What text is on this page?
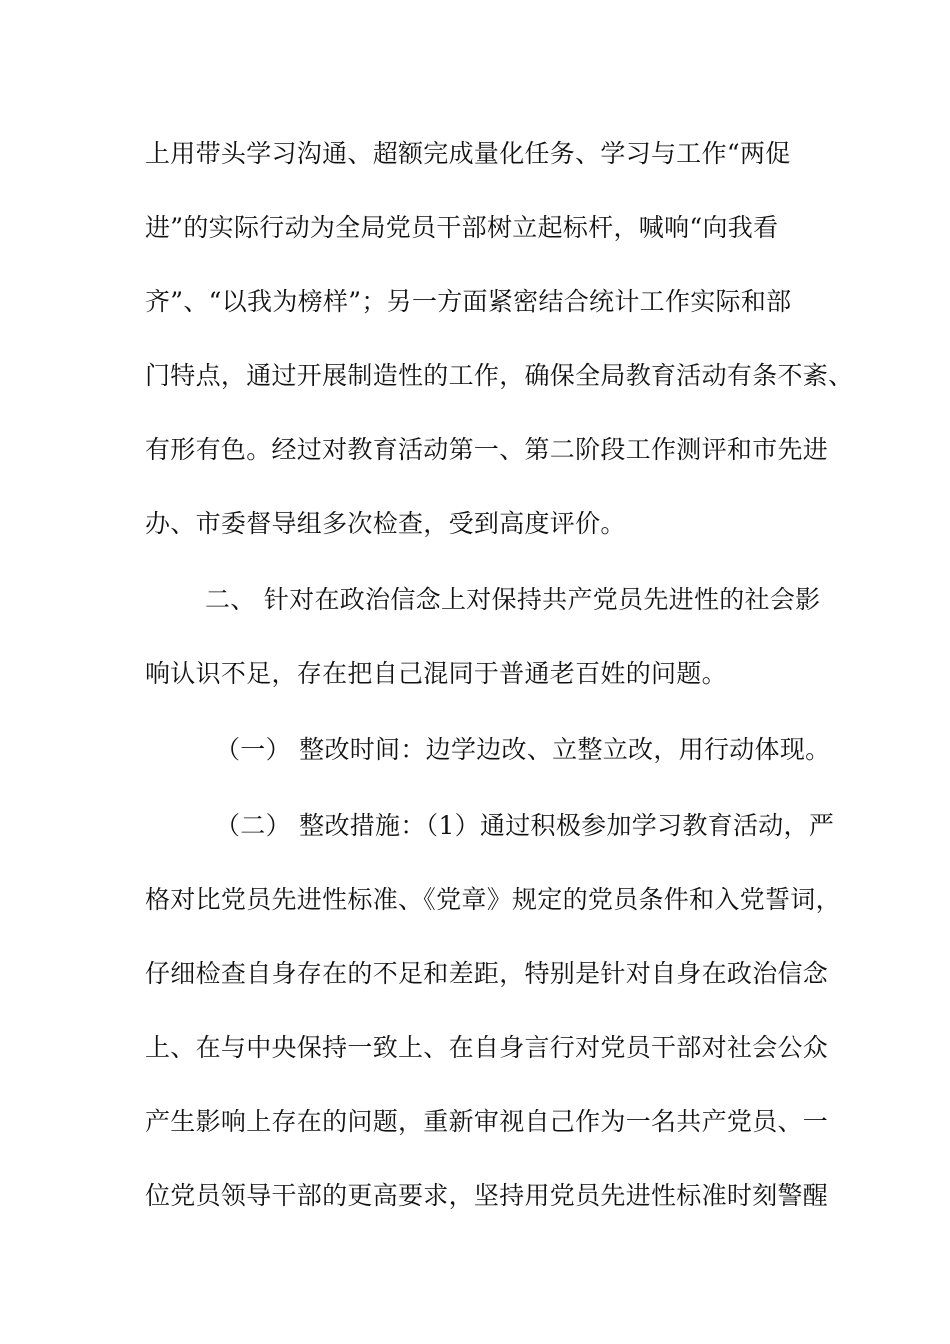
上用带头学习沟通、超额完成量化任务、学习与工作“两促
进”的实际行动为全局党员干部树立起标杆，喊响“向我看
齐”、“以我为榜样”；另一方面紧密结合统计工作实际和部
门特点，通过开展制造性的工作，确保全局教育活动有条不紊、
有形有色。经过对教育活动第一、第二阶段工作测评和市先进
办、市委督导组多次检查，受到高度评价。
二、 针对在政治信念上对保持共产党员先进性的社会影
响认识不足，存在把自己混同于普通老百姓的问题。
（一） 整改时间：边学边改、立整立改，用行动体现。
（二） 整改措施：（1）通过积极参加学习教育活动，严
格对比党员先进性标准、《党章》规定的党员条件和入党誓词，
仔细检查自身存在的不足和差距，特别是针对自身在政治信念
上、在与中央保持一致上、在自身言行对党员干部对社会公众
产生影响上存在的问题，重新审视自己作为一名共产党员、一
位党员领导干部的更高要求，坚持用党员先进性标准时刻警醒
